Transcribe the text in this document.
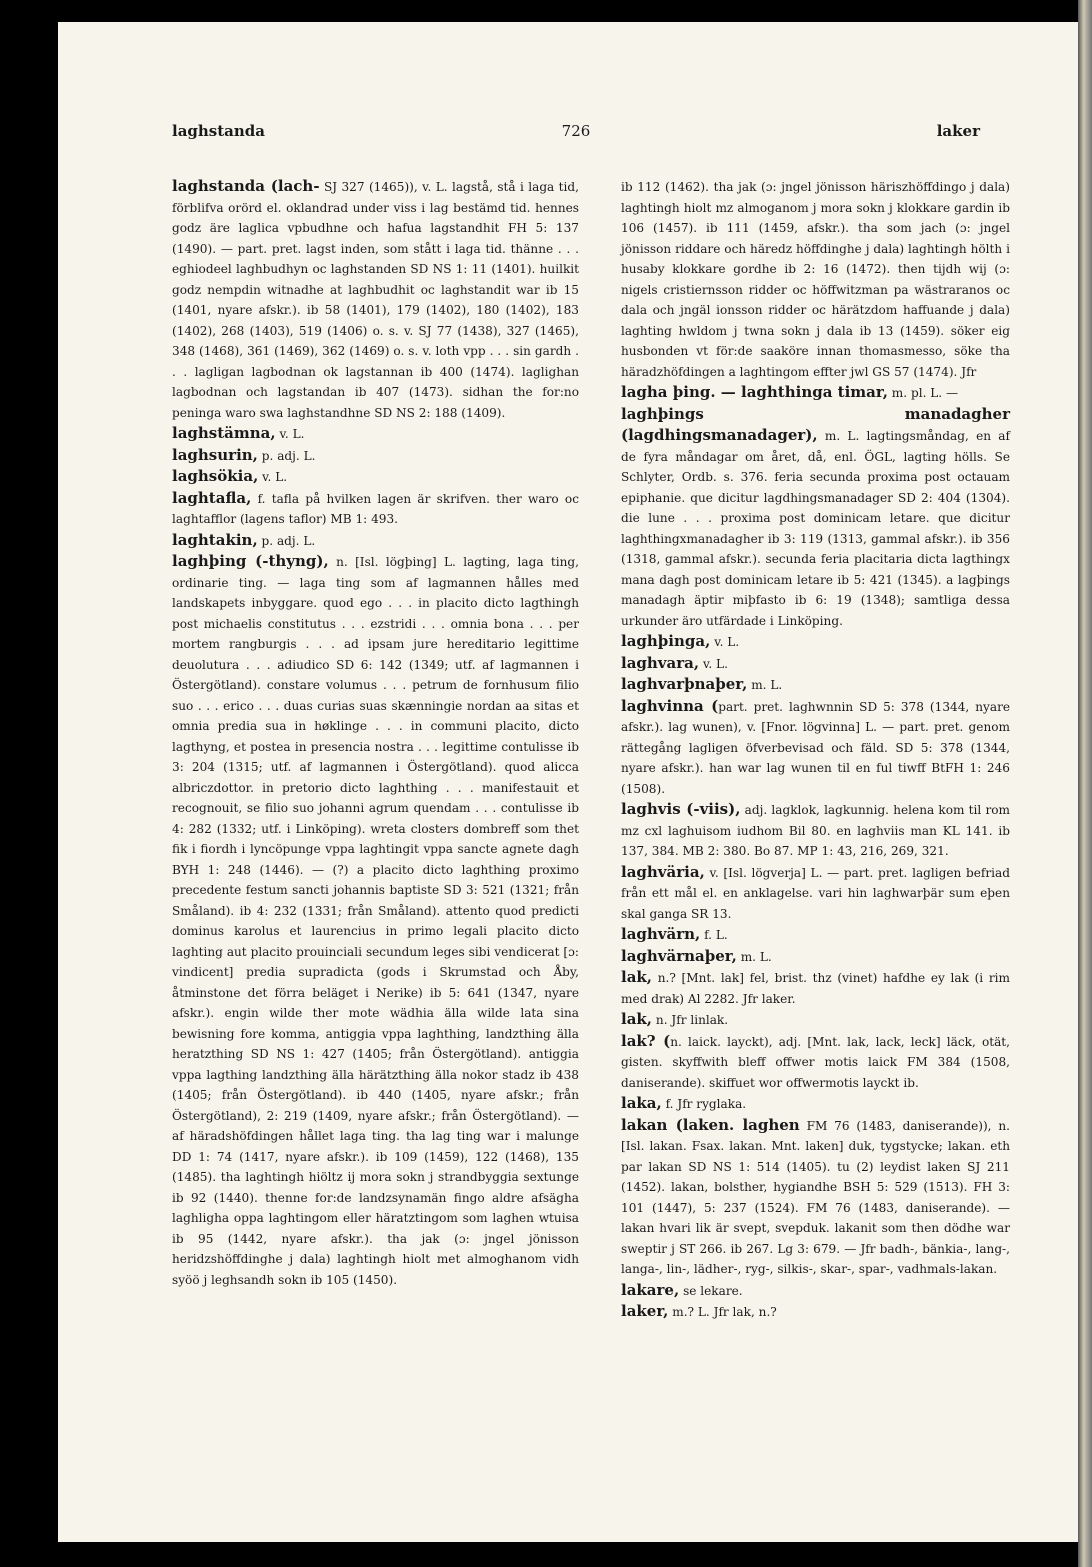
laghstanda	726	laker

laghstanda (lach- SJ 327 (1465)), v. L. lagstå, stå i laga tid, förblifva orörd el. oklandrad under viss i lag bestämd tid. hennes godz äre laglica vpbudhne och hafua lagstandhit FH 5: 137 (1490). — part. pret. lagst inden, som stått i laga tid. thänne . . . eghiodeel laghbudhyn oc laghstanden SD NS 1: 11 (1401). huilkit godz nempdin witnadhe at laghbudhit oc laghstandit war ib 15 (1401, nyare afskr.). ib 58 (1401), 179 (1402), 180 (1402), 183 (1402), 268 (1403), 519 (1406) o. s. v. SJ 77 (1438), 327 (1465), 348 (1468), 361 (1469), 362 (1469) o. s. v. loth vpp . . . sin gardh . . . lagligan lagbodnan ok lagstannan ib 400 (1474). laglighan lagbodnan och lagstandan ib 407 (1473). sidhan the for:no peninga waro swa laghstandhne SD NS 2: 188 (1409).

laghstämna, v. L.

laghsurin, p. adj. L.

laghsökia, v. L.

laghtafla, f. tafla på hvilken lagen är skrifven. ther waro oc laghtafflor (lagens taflor) MB 1: 493.

laghtakin, p. adj. L.

laghþing (-thyng), n. [Isl. lögþing] L. lagting, laga ting, ordinarie ting. — laga ting som af lagmannen hålles med landskapets inbyggare. quod ego . . . in placito dicto lagthingh post michaelis constitutus . . . ezstridi . . . omnia bona . . . per mortem rangburgis . . . ad ipsam jure hereditario legittime deuolutura . . . adiudico SD 6: 142 (1349; utf. af lagmannen i Östergötland). constare volumus . . . petrum de fornhusum filio suo . . . erico . . . duas curias suas skænningie nordan aa sitas et omnia predia sua in høklinge . . . in communi placito, dicto lagthyng, et postea in presencia nostra . . . legittime contulisse ib 3: 204 (1315; utf. af lagmannen i Östergötland). quod alicca albriczdottor. in pretorio dicto laghthing . . . manifestauit et recognouit, se filio suo johanni agrum quendam . . . contulisse ib 4: 282 (1332; utf. i Linköping). wreta closters dombreff som thet fik i fiordh i lyncöpunge vppa laghtingit vppa sancte agnete dagh BYH 1: 248 (1446). — (?) a placito dicto laghthing proximo precedente festum sancti johannis baptiste SD 3: 521 (1321; från Småland). ib 4: 232 (1331; från Småland). attento quod predicti dominus karolus et laurencius in primo legali placito dicto laghting aut placito prouinciali secundum leges sibi vendicerat [ɔ: vindicent] predia supradicta (gods i Skrumstad och Åby, åtminstone det förra beläget i Nerike) ib 5: 641 (1347, nyare afskr.). engin wilde ther mote wädhia älla wilde lata sina bewisning fore komma, antiggia vppa laghthing, landzthing älla heratzthing SD NS 1: 427 (1405; från Östergötland). antiggia vppa lagthing landzthing älla härätzthing älla nokor stadz ib 438 (1405; från Östergötland). ib 440 (1405, nyare afskr.; från Östergötland), 2: 219 (1409, nyare afskr.; från Östergötland). — af häradshöfdingen hållet laga ting. tha lag ting war i malunge DD 1: 74 (1417, nyare afskr.). ib 109 (1459), 122 (1468), 135 (1485). tha laghtingh hiöltz ij mora sokn j strandbyggia sextunge ib 92 (1440). thenne for:de landzsynamän fingo aldre afsägha laghligha oppa laghtingom eller häratztingom som laghen wtuisa ib 95 (1442, nyare afskr.). tha jak (ɔ: jngel jönisson heridzshöffdinghe j dala) laghtingh hiolt met almoghanom vidh syöö j leghsandh sokn ib 105 (1450).

ib 112 (1462). tha jak (ɔ: jngel jönisson häriszhöffdingo j dala) laghtingh hiolt mz almoganom j mora sokn j klokkare gardin ib 106 (1457). ib 111 (1459, afskr.). tha som jach (ɔ: jngel jönisson riddare och häredz höffdinghe j dala) laghtingh hölth i husaby klokkare gordhe ib 2: 16 (1472). then tijdh wij (ɔ: nigels cristiernsson ridder oc höffwitzman pa wästraranos oc dala och jngäl ionsson ridder oc härätzdom haffuande j dala) laghting hwldom j twna sokn j dala ib 13 (1459). söker eig husbonden vt för:de saaköre innan thomasmesso, söke tha häradzhöfdingen a laghtingom effter jwl GS 57 (1474). Jfr

lagha þing. — laghthinga timar, m. pl. L. —

laghþings manadagher (lagdhingsmanadager), m. L. lagtingsmåndag, en af de fyra måndagar om året, då, enl. ÖGL, lagting hölls. Se Schlyter, Ordb. s. 376. feria secunda proxima post octauam epiphanie. que dicitur lagdhingsmanadager SD 2: 404 (1304). die lune . . . proxima post dominicam letare. que dicitur laghthingxmanadagher ib 3: 119 (1313, gammal afskr.). ib 356 (1318, gammal afskr.). secunda feria placitaria dicta lagthingx mana dagh post dominicam letare ib 5: 421 (1345). a lagþings manadagh äptir miþfasto ib 6: 19 (1348); samtliga dessa urkunder äro utfärdade i Linköping.

laghþinga, v. L.

laghvara, v. L.

laghvarþnaþer, m. L.

laghvinna (part. pret. laghwnnin SD 5: 378 (1344, nyare afskr.). lag wunen), v. [Fnor. lögvinna] L. — part. pret. genom rättegång lagligen öfverbevisad och fäld. SD 5: 378 (1344, nyare afskr.). han war lag wunen til en ful tiwff BtFH 1: 246 (1508).

laghvis (-viis), adj. lagklok, lagkunnig. helena kom til rom mz cxl laghuisom iudhom Bil 80. en laghviis man KL 141. ib 137, 384. MB 2: 380. Bo 87. MP 1: 43, 216, 269, 321.

laghväria, v. [Isl. lögverja] L. — part. pret. lagligen befriad från ett mål el. en anklagelse. vari hin laghwarþär sum eþen skal ganga SR 13.

laghvärn, f. L.

laghvärnaþer, m. L.

lak, n.? [Mnt. lak] fel, brist. thz (vinet) hafdhe ey lak (i rim med drak) Al 2282. Jfr laker.

lak, n. Jfr linlak.

lak? (n. laick. layckt), adj. [Mnt. lak, lack, leck] läck, otät, gisten. skyffwith bleff offwer motis laick FM 384 (1508, daniserande). skiffuet wor offwermotis layckt ib.

laka, f. Jfr ryglaka.

lakan (laken. laghen FM 76 (1483, daniserande)), n. [Isl. lakan. Fsax. lakan. Mnt. laken] duk, tygstycke; lakan. eth par lakan SD NS 1: 514 (1405). tu (2) leydist laken SJ 211 (1452). lakan, bolsther, hygiandhe BSH 5: 529 (1513). FH 3: 101 (1447), 5: 237 (1524). FM 76 (1483, daniserande). — lakan hvari lik är svept, svepduk. lakanit som then dödhe war sweptir j ST 266. ib 267. Lg 3: 679. — Jfr badh-, bänkia-, lang-, langa-, lin-, lädher-, ryg-, silkis-, skar-, spar-, vadhmals-lakan.

lakare, se lekare.

laker, m.? L. Jfr lak, n.?
